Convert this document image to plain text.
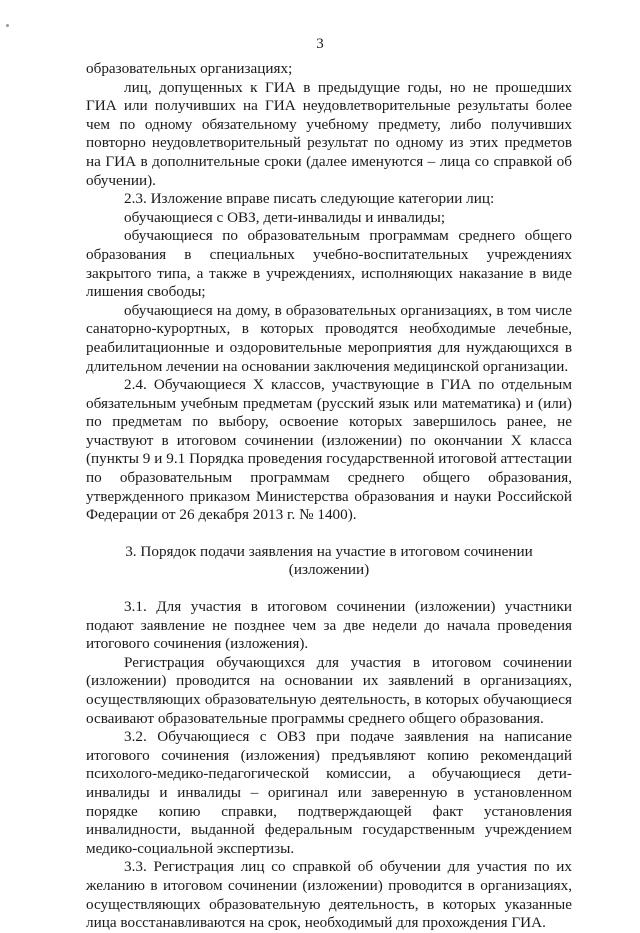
3

образовательных организациях;

лиц, допущенных к ГИА в предыдущие годы, но не прошедших ГИА или получивших на ГИА неудовлетворительные результаты более чем по одному обязательному учебному предмету, либо получивших повторно неудовлетворительный результат по одному из этих предметов на ГИА в дополнительные сроки (далее именуются – лица со справкой об обучении).

2.3. Изложение вправе писать следующие категории лиц:

обучающиеся с ОВЗ, дети-инвалиды и инвалиды;

обучающиеся по образовательным программам среднего общего образования в специальных учебно-воспитательных учреждениях закрытого типа, а также в учреждениях, исполняющих наказание в виде лишения свободы;

обучающиеся на дому, в образовательных организациях, в том числе санаторно-курортных, в которых проводятся необходимые лечебные, реабилитационные и оздоровительные мероприятия для нуждающихся в длительном лечении на основании заключения медицинской организации.

2.4. Обучающиеся X классов, участвующие в ГИА по отдельным обязательным учебным предметам (русский язык или математика) и (или) по предметам по выбору, освоение которых завершилось ранее, не участвуют в итоговом сочинении (изложении) по окончании X класса (пункты 9 и 9.1 Порядка проведения государственной итоговой аттестации по образовательным программам среднего общего образования, утвержденного приказом Министерства образования и науки Российской Федерации от 26 декабря 2013 г. № 1400).

3. Порядок подачи заявления на участие в итоговом сочинении (изложении)

3.1. Для участия в итоговом сочинении (изложении) участники подают заявление не позднее чем за две недели до начала проведения итогового сочинения (изложения).

Регистрация обучающихся для участия в итоговом сочинении (изложении) проводится на основании их заявлений в организациях, осуществляющих образовательную деятельность, в которых обучающиеся осваивают образовательные программы среднего общего образования.

3.2. Обучающиеся с ОВЗ при подаче заявления на написание итогового сочинения (изложения) предъявляют копию рекомендаций психолого-медико-педагогической комиссии, а обучающиеся дети-инвалиды и инвалиды – оригинал или заверенную в установленном порядке копию справки, подтверждающей факт установления инвалидности, выданной федеральным государственным учреждением медико-социальной экспертизы.

3.3. Регистрация лиц со справкой об обучении для участия по их желанию в итоговом сочинении (изложении) проводится в организациях, осуществляющих образовательную деятельность, в которых указанные лица восстанавливаются на срок, необходимый для прохождения ГИА.
